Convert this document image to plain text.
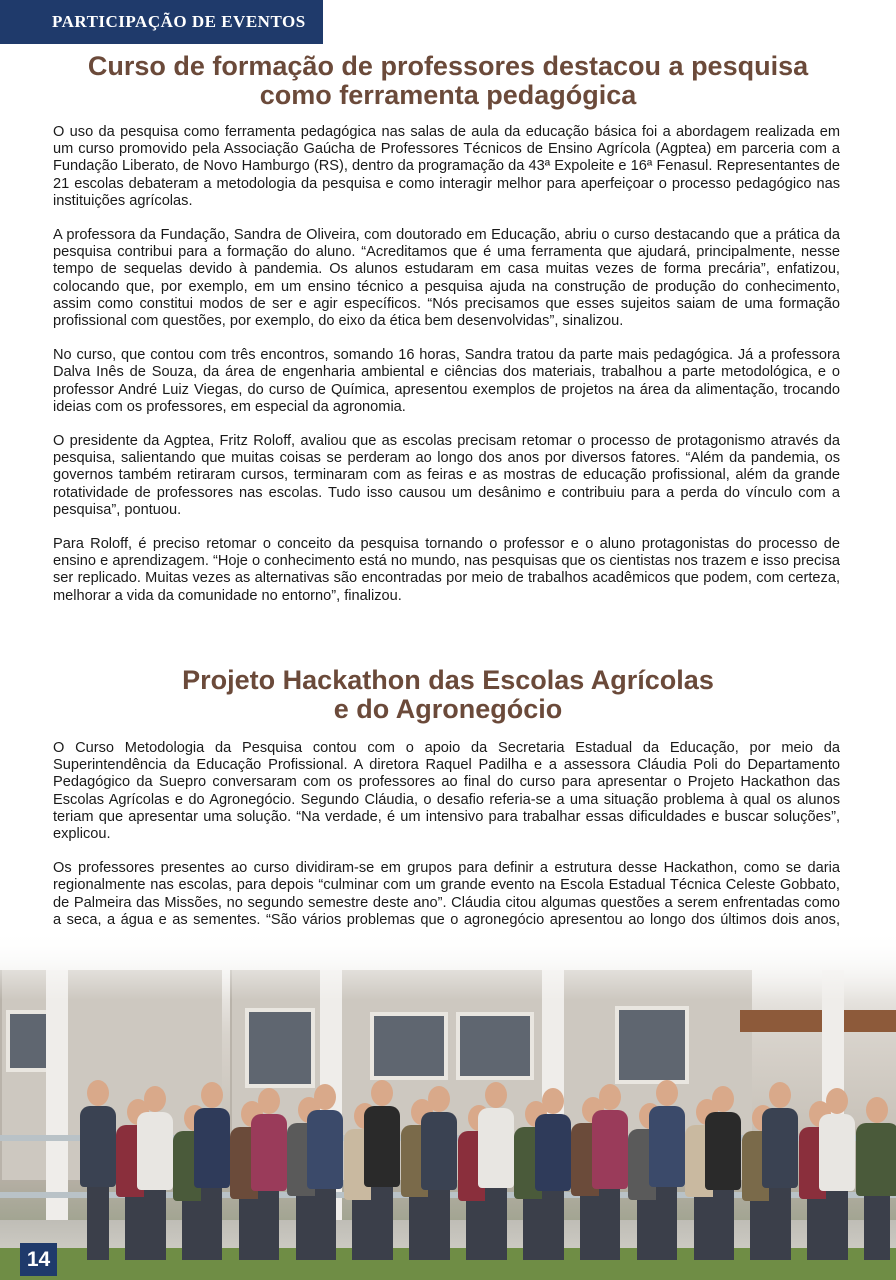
PARTICIPAÇÃO DE EVENTOS
Curso de formação de professores destacou a pesquisa
como ferramenta pedagógica

O uso da pesquisa como ferramenta pedagógica nas salas de aula da educação básica foi a abordagem realizada em um curso promovido pela Associação Gaúcha de Professores Técnicos de Ensino Agrícola (Agptea) em parceria com a Fundação Liberato, de Novo Hamburgo (RS), dentro da programação da 43ª Expoleite e 16ª Fenasul. Representantes de 21 escolas debateram a metodologia da pesquisa e como interagir melhor para aperfeiçoar o processo pedagógico nas instituições agrícolas.

A professora da Fundação, Sandra de Oliveira, com doutorado em Educação, abriu o curso destacando que a prática da pesquisa contribui para a formação do aluno. “Acreditamos que é uma ferramenta que ajudará, principalmente, nesse tempo de sequelas devido à pandemia. Os alunos estudaram em casa muitas vezes de forma precária”, enfatizou, colocando que, por exemplo, em um ensino técnico a pesquisa ajuda na construção de produção do conhecimento, assim como constitui modos de ser e agir específicos. “Nós precisamos que esses sujeitos saiam de uma formação profissional com questões, por exemplo, do eixo da ética bem desenvolvidas”, sinalizou.

No curso, que contou com três encontros, somando 16 horas, Sandra tratou da parte mais pedagógica. Já a professora Dalva Inês de Souza, da área de engenharia ambiental e ciências dos materiais, trabalhou a parte metodológica, e o professor André Luiz Viegas, do curso de Química, apresentou exemplos de projetos na área da alimentação, trocando ideias com os professores, em especial da agronomia.

O presidente da Agptea, Fritz Roloff, avaliou que as escolas precisam retomar o processo de protagonismo através da pesquisa, salientando que muitas coisas se perderam ao longo dos anos por diversos fatores. “Além da pandemia, os governos também retiraram cursos, terminaram com as feiras e as mostras de educação profissional, além da grande rotatividade de professores nas escolas. Tudo isso causou um desânimo e contribuiu para a perda do vínculo com a pesquisa”, pontuou.

Para Roloff, é preciso retomar o conceito da pesquisa tornando o professor e o aluno protagonistas do processo de ensino e aprendizagem. “Hoje o conhecimento está no mundo, nas pesquisas que os cientistas nos trazem e isso precisa ser replicado. Muitas vezes as alternativas são encontradas por meio de trabalhos acadêmicos que podem, com certeza, melhorar a vida da comunidade no entorno”, finalizou.

Projeto Hackathon das Escolas Agrícolas
e do Agronegócio

O Curso Metodologia da Pesquisa contou com o apoio da Secretaria Estadual da Educação, por meio da Superintendência da Educação Profissional. A diretora Raquel Padilha e a assessora Cláudia Poli do Departamento Pedagógico da Suepro conversaram com os professores ao final do curso para apresentar o Projeto Hackathon das Escolas Agrícolas e do Agronegócio. Segundo Cláudia, o desafio referia-se a uma situação problema à qual os alunos teriam que apresentar uma solução. “Na verdade, é um intensivo para trabalhar essas dificuldades e buscar soluções”, explicou.

Os professores presentes ao curso dividiram-se em grupos para definir a estrutura desse Hackathon, como se daria regionalmente nas escolas, para depois “culminar com um grande evento na Escola Estadual Técnica Celeste Gobbato, de Palmeira das Missões, no segundo semestre deste ano”. Cláudia citou algumas questões a serem enfrentadas como a seca, a água e as sementes. “São vários problemas que o agronegócio apresentou ao longo dos últimos dois anos,

14
